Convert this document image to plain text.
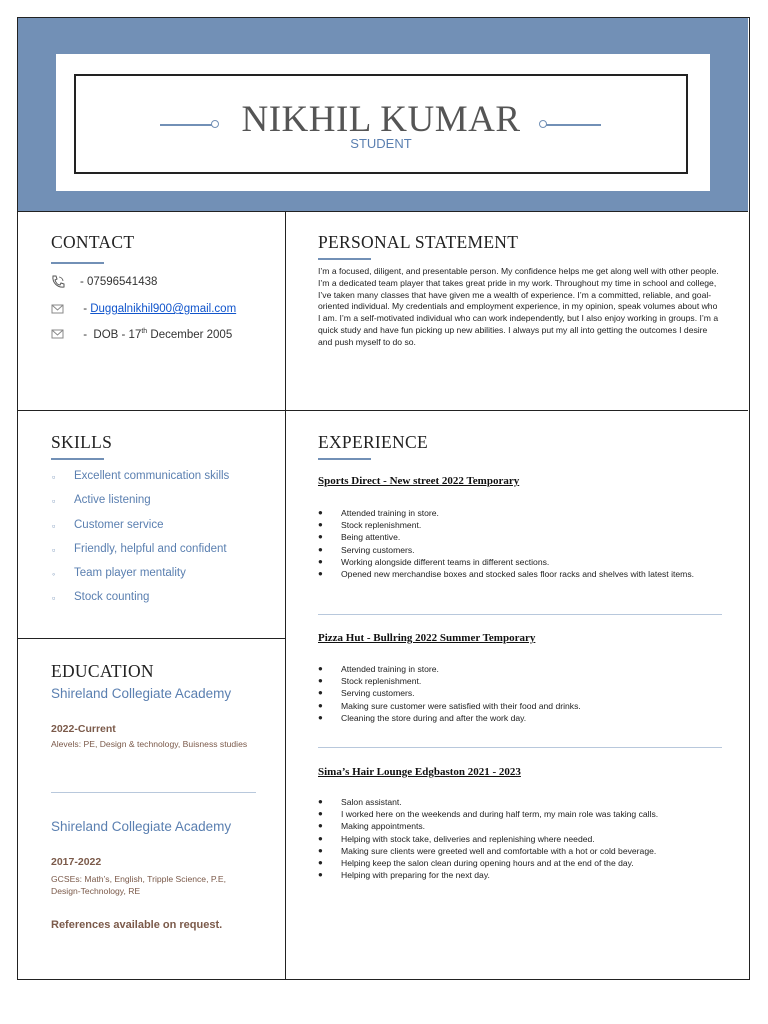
NIKHIL KUMAR
STUDENT
CONTACT
- 07596541438
- Duggalnikhil900@gmail.com
-  DOB - 17th December 2005
PERSONAL STATEMENT
I’m a focused, diligent, and presentable person. My confidence helps me get along well with other people. I’m a dedicated team player that takes great pride in my work. Throughout my time in school and college, I’ve taken many classes that have given me a wealth of experience. I’m a committed, reliable, and goal-oriented individual. My credentials and employment experience, in my opinion, speak volumes about who I am. I’m a self-motivated individual who can work independently, but I also enjoy working in groups. I’m a quick study and have fun picking up new abilities. I always put my all into getting the outcomes I desire and push myself to do so.
SKILLS
▫	Excellent communication skills
▫	Active listening
▫	Customer service
▫	Friendly, helpful and confident
◦	Team player mentality
▫	Stock counting
EDUCATION
Shireland Collegiate Academy
2022-Current
Alevels: PE, Design & technology, Buisness studies
Shireland Collegiate Academy
2017-2022
GCSEs: Math’s, English, Tripple Science, P.E, Design-Technology, RE
References available on request.
EXPERIENCE
Sports Direct - New street 2022 Temporary
●	Attended training in store.
●	Stock replenishment.
●	Being attentive.
●	Serving customers.
●	Working alongside different teams in different sections.
●	Opened new merchandise boxes and stocked sales floor racks and shelves with latest items.
Pizza Hut - Bullring 2022 Summer Temporary
●	Attended training in store.
●	Stock replenishment.
●	Serving customers.
●	Making sure customer were satisfied with their food and drinks.
●	Cleaning the store during and after the work day.
Sima’s Hair Lounge Edgbaston 2021 - 2023
●	Salon assistant.
●	I worked here on the weekends and during half term, my main role was taking calls.
●	Making appointments.
●	Helping with stock take, deliveries and replenishing where needed.
●	Making sure clients were greeted well and comfortable with a hot or cold beverage.
●	Helping keep the salon clean during opening hours and at the end of the day.
●	Helping with preparing for the next day.
